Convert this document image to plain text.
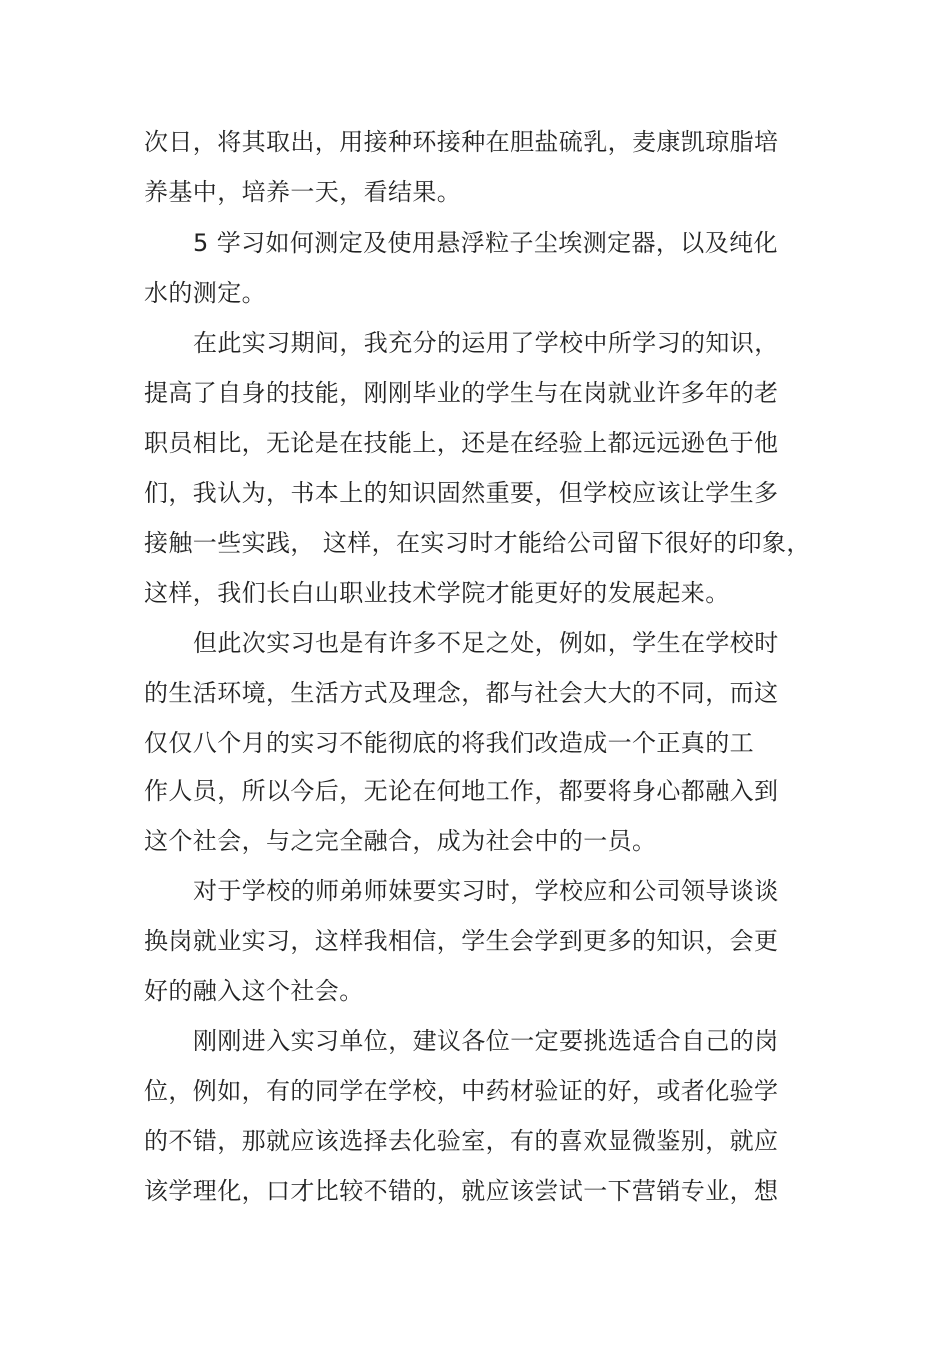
次日，将其取出，用接种环接种在胆盐硫乳，麦康凯琼脂培
养基中，培养一天，看结果。
5 学习如何测定及使用悬浮粒子尘埃测定器，以及纯化
水的测定。
在此实习期间，我充分的运用了学校中所学习的知识，
提高了自身的技能，刚刚毕业的学生与在岗就业许多年的老
职员相比，无论是在技能上，还是在经验上都远远逊色于他
们，我认为，书本上的知识固然重要，但学校应该让学生多
接触一些实践， 这样，在实习时才能给公司留下很好的印象，
这样，我们长白山职业技术学院才能更好的发展起来。
但此次实习也是有许多不足之处，例如，学生在学校时
的生活环境，生活方式及理念，都与社会大大的不同，而这
仅仅八个月的实习不能彻底的将我们改造成一个正真的工
作人员，所以今后，无论在何地工作，都要将身心都融入到
这个社会，与之完全融合，成为社会中的一员。
对于学校的师弟师妹要实习时，学校应和公司领导谈谈
换岗就业实习，这样我相信，学生会学到更多的知识，会更
好的融入这个社会。
刚刚进入实习单位，建议各位一定要挑选适合自己的岗
位，例如，有的同学在学校，中药材验证的好，或者化验学
的不错，那就应该选择去化验室，有的喜欢显微鉴别，就应
该学理化，口才比较不错的，就应该尝试一下营销专业，想
